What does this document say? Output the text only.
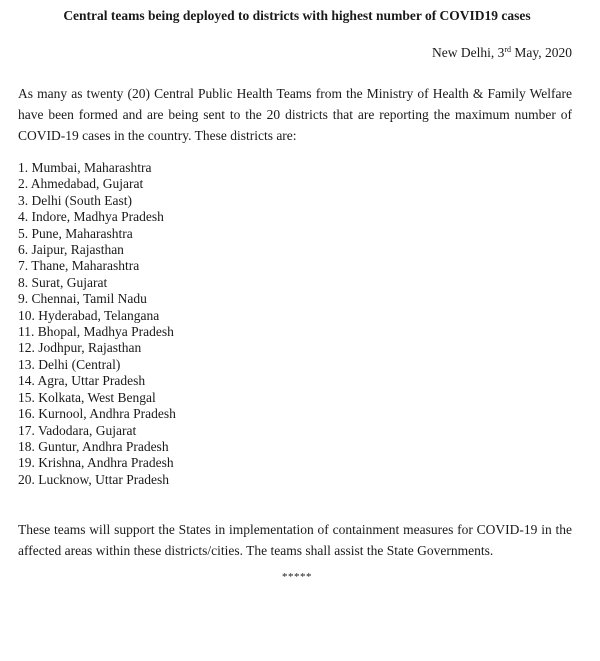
Central teams being deployed to districts with highest number of COVID19 cases
New Delhi, 3rd May, 2020
As many as twenty (20) Central Public Health Teams from the Ministry of Health & Family Welfare have been formed and are being sent to the 20 districts that are reporting the maximum number of COVID-19 cases in the country. These districts are:
1. Mumbai, Maharashtra
2. Ahmedabad, Gujarat
3. Delhi (South East)
4. Indore, Madhya Pradesh
5. Pune, Maharashtra
6. Jaipur, Rajasthan
7. Thane, Maharashtra
8. Surat, Gujarat
9. Chennai, Tamil Nadu
10. Hyderabad, Telangana
11. Bhopal, Madhya Pradesh
12. Jodhpur, Rajasthan
13. Delhi (Central)
14. Agra, Uttar Pradesh
15. Kolkata, West Bengal
16. Kurnool, Andhra Pradesh
17. Vadodara, Gujarat
18. Guntur, Andhra Pradesh
19. Krishna, Andhra Pradesh
20. Lucknow, Uttar Pradesh
These teams will support the States in implementation of containment measures for COVID-19 in the affected areas within these districts/cities. The teams shall assist the State Governments.
*****
